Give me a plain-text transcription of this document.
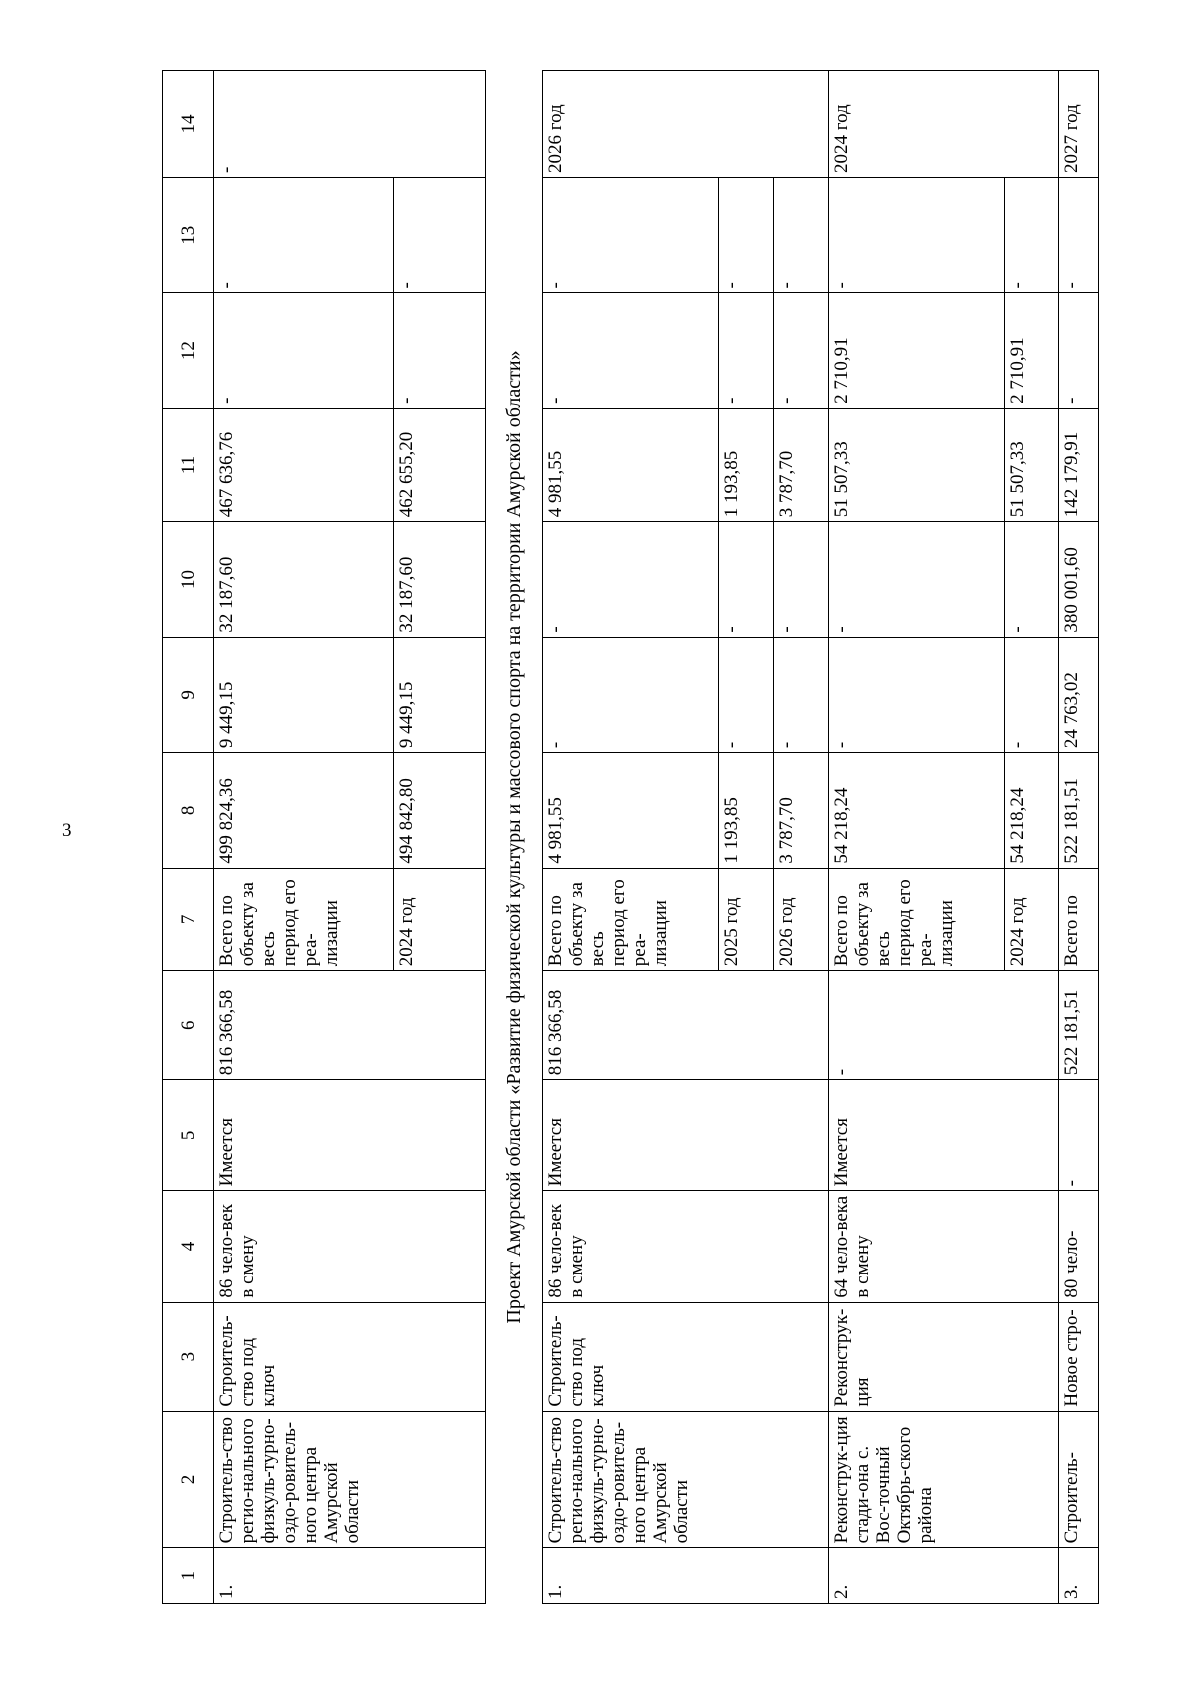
3
1	2	3	4	5	6	7	8	9	10	11	12	13	14
1.	Строитель-ство регио-нального физкуль-турно-оздо-ровитель-ного центра Амурской области	Строитель-ство под ключ	86 чело-век в смену	Имеется	816 366,58	Всего по объекту за весь период его реа-лизации	499 824,36	9 449,15	32 187,60	467 636,76	-	-	-
						2024 год	494 842,80	9 449,15	32 187,60	462 655,20	-	-	
Проект Амурской области «Развитие физической культуры и массового спорта на территории Амурской области»													
1.	Строитель-ство регио-нального физкуль-турно-оздо-ровитель-ного центра Амурской области	Строитель-ство под ключ	86 чело-век в смену	Имеется	816 366,58	Всего по объекту за весь период его реа-лизации	4 981,55	-	-	4 981,55	-	-	2026 год
						2025 год	1 193,85	-	-	1 193,85	-	-	
						2026 год	3 787,70	-	-	3 787,70	-	-	
2.	Реконструк-ция стади-она с. Вос-точный Октябрь-ского района	Реконструк-ция	64 чело-века в смену	Имеется	-	Всего по объекту за весь период его реа-лизации	54 218,24	-	-	51 507,33	2 710,91	-	2024 год
						2024 год	54 218,24	-	-	51 507,33	2 710,91	-	
3.	Строитель-	Новое стро-	80 чело-	-	522 181,51	Всего по	522 181,51	24 763,02	380 001,60	142 179,91	-	-	2027 год
